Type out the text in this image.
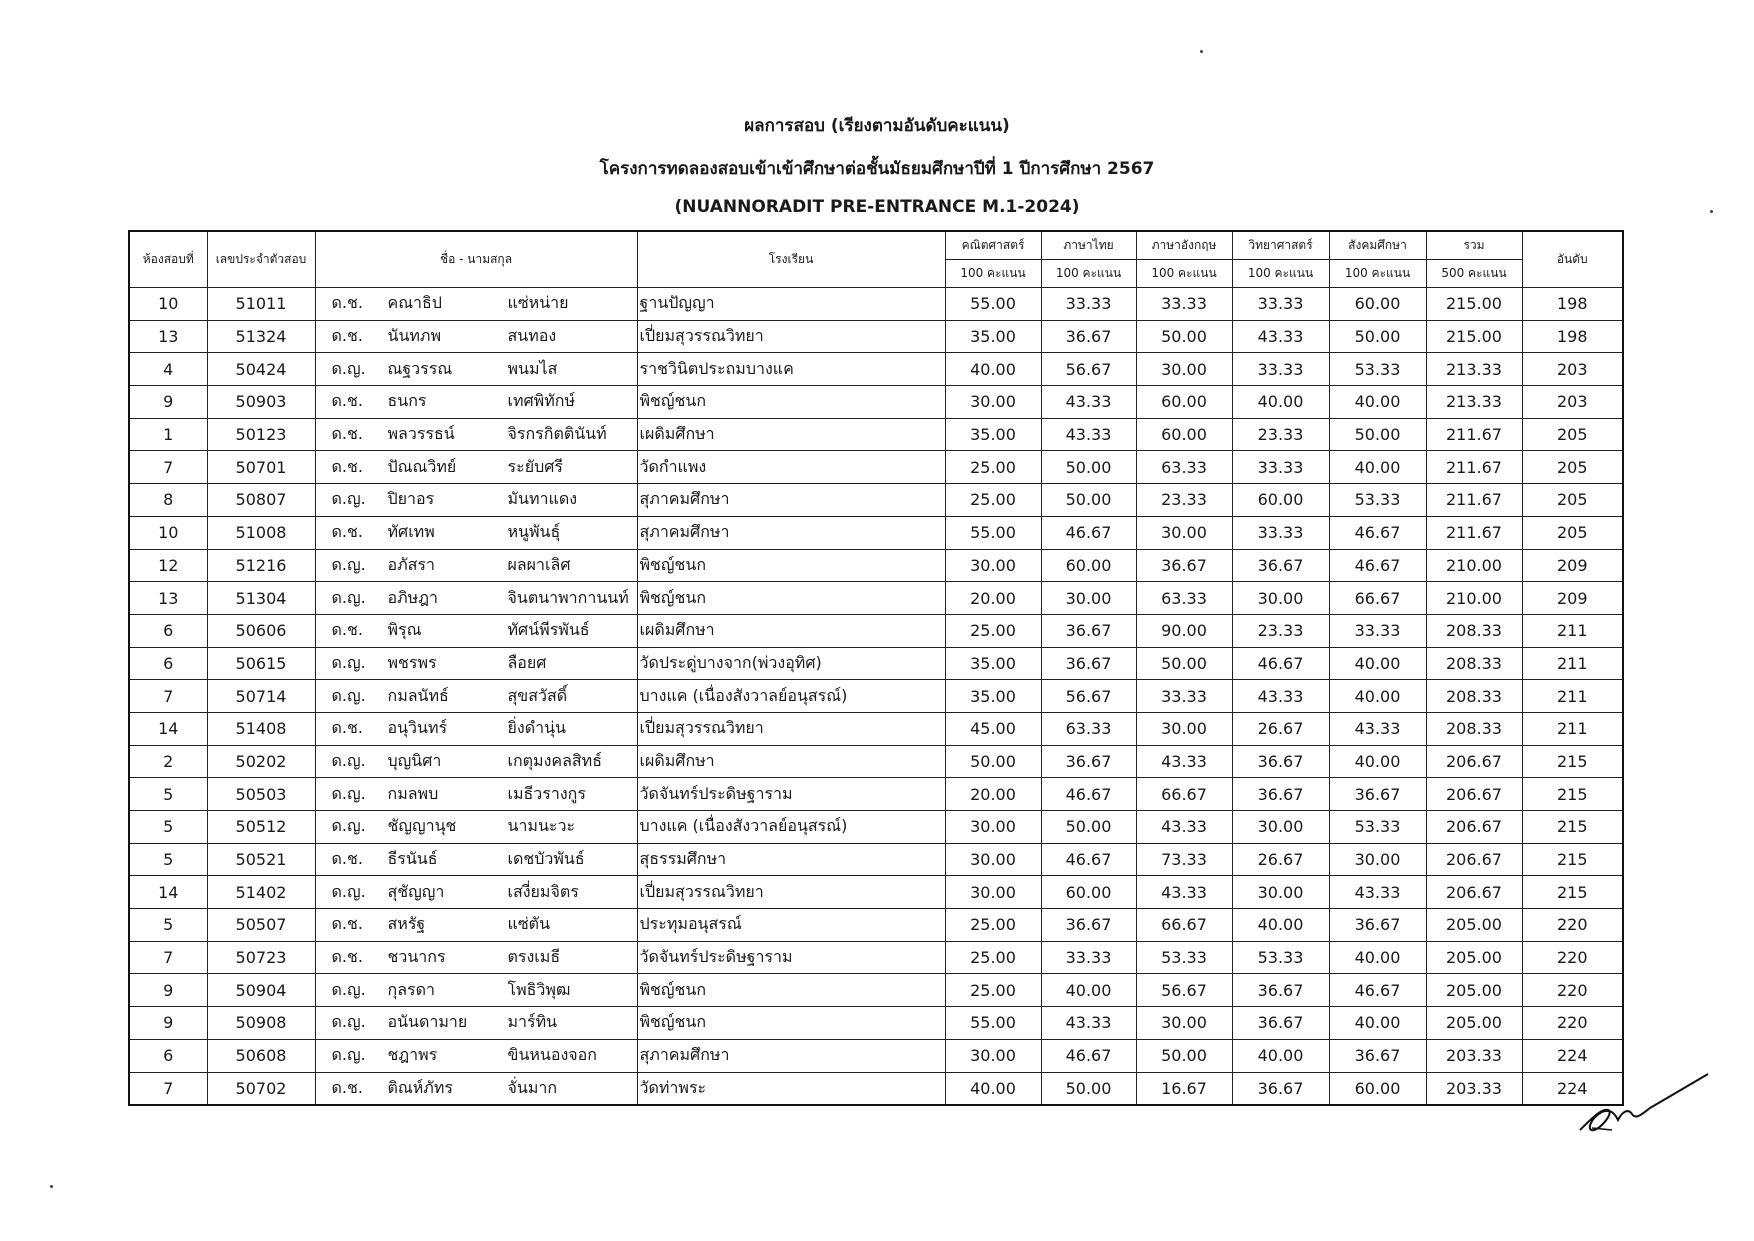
ผลการสอบ (เรียงตามอันดับคะแนน)
โครงการทดลองสอบเข้าเข้าศึกษาต่อชั้นมัธยมศึกษาปีที่ 1 ปีการศึกษา 2567
(NUANNORADIT PRE-ENTRANCE M.1-2024)
ห้องสอบที่	เลขประจำตัวสอบ	ชื่อ - นามสกุล	โรงเรียน	คณิตศาสตร์	ภาษาไทย	ภาษาอังกฤษ	วิทยาศาสตร์	สังคมศึกษา	รวม	อันดับ
				100 คะแนน	100 คะแนน	100 คะแนน	100 คะแนน	100 คะแนน	500 คะแนน	
10	51011	ด.ช. คณาธิป แซ่หน่าย	ฐานปัญญา	55.00	33.33	33.33	33.33	60.00	215.00	198
13	51324	ด.ช. นันทภพ สนทอง	เปี่ยมสุวรรณวิทยา	35.00	36.67	50.00	43.33	50.00	215.00	198
4	50424	ด.ญ. ณฐวรรณ พนมไส	ราชวินิตประถมบางแค	40.00	56.67	30.00	33.33	53.33	213.33	203
9	50903	ด.ช. ธนกร เทศพิทักษ์	พิชญ์ชนก	30.00	43.33	60.00	40.00	40.00	213.33	203
1	50123	ด.ช. พลวรรธน์ จิรกรกิตตินันท์	เผดิมศึกษา	35.00	43.33	60.00	23.33	50.00	211.67	205
7	50701	ด.ช. ปัณณวิทย์ ระยับศรี	วัดกำแพง	25.00	50.00	63.33	33.33	40.00	211.67	205
8	50807	ด.ญ. ปิยาอร มันทาแดง	สุภาคมศึกษา	25.00	50.00	23.33	60.00	53.33	211.67	205
10	51008	ด.ช. ทัศเทพ หนูพันธุ์	สุภาคมศึกษา	55.00	46.67	30.00	33.33	46.67	211.67	205
12	51216	ด.ญ. อภัสรา ผลผาเลิศ	พิชญ์ชนก	30.00	60.00	36.67	36.67	46.67	210.00	209
13	51304	ด.ญ. อภิษฎา จินตนาพากานนท์	พิชญ์ชนก	20.00	30.00	63.33	30.00	66.67	210.00	209
6	50606	ด.ช. พิรุณ ทัศน์พีรพันธ์	เผดิมศึกษา	25.00	36.67	90.00	23.33	33.33	208.33	211
6	50615	ด.ญ. พชรพร ลือยศ	วัดประดู่บางจาก(พ่วงอุทิศ)	35.00	36.67	50.00	46.67	40.00	208.33	211
7	50714	ด.ญ. กมลนัทธ์ สุขสวัสดิ์	บางแค (เนื่องสังวาลย์อนุสรณ์)	35.00	56.67	33.33	43.33	40.00	208.33	211
14	51408	ด.ช. อนุวินทร์ ยิ่งดำนุ่น	เปี่ยมสุวรรณวิทยา	45.00	63.33	30.00	26.67	43.33	208.33	211
2	50202	ด.ญ. บุญนิศา เกตุมงคลสิทธ์	เผดิมศึกษา	50.00	36.67	43.33	36.67	40.00	206.67	215
5	50503	ด.ญ. กมลพบ เมธีวรางกูร	วัดจันทร์ประดิษฐาราม	20.00	46.67	66.67	36.67	36.67	206.67	215
5	50512	ด.ญ. ชัญญานุช นามนะวะ	บางแค (เนื่องสังวาลย์อนุสรณ์)	30.00	50.00	43.33	30.00	53.33	206.67	215
5	50521	ด.ช. ธีรนันธ์ เดชบัวพันธ์	สุธรรมศึกษา	30.00	46.67	73.33	26.67	30.00	206.67	215
14	51402	ด.ญ. สุชัญญา เสงี่ยมจิตร	เปี่ยมสุวรรณวิทยา	30.00	60.00	43.33	30.00	43.33	206.67	215
5	50507	ด.ช. สหรัฐ แซ่ตัน	ประทุมอนุสรณ์	25.00	36.67	66.67	40.00	36.67	205.00	220
7	50723	ด.ช. ชวนากร ตรงเมธี	วัดจันทร์ประดิษฐาราม	25.00	33.33	53.33	53.33	40.00	205.00	220
9	50904	ด.ญ. กุลรดา โพธิวิพุฒ	พิชญ์ชนก	25.00	40.00	56.67	36.67	46.67	205.00	220
9	50908	ด.ญ. อนันดามาย มาร์ทิน	พิชญ์ชนก	55.00	43.33	30.00	36.67	40.00	205.00	220
6	50608	ด.ญ. ชฎาพร ขินหนองจอก	สุภาคมศึกษา	30.00	46.67	50.00	40.00	36.67	203.33	224
7	50702	ด.ช. ติณห์ภัทร จั่นมาก	วัดท่าพระ	40.00	50.00	16.67	36.67	60.00	203.33	224
